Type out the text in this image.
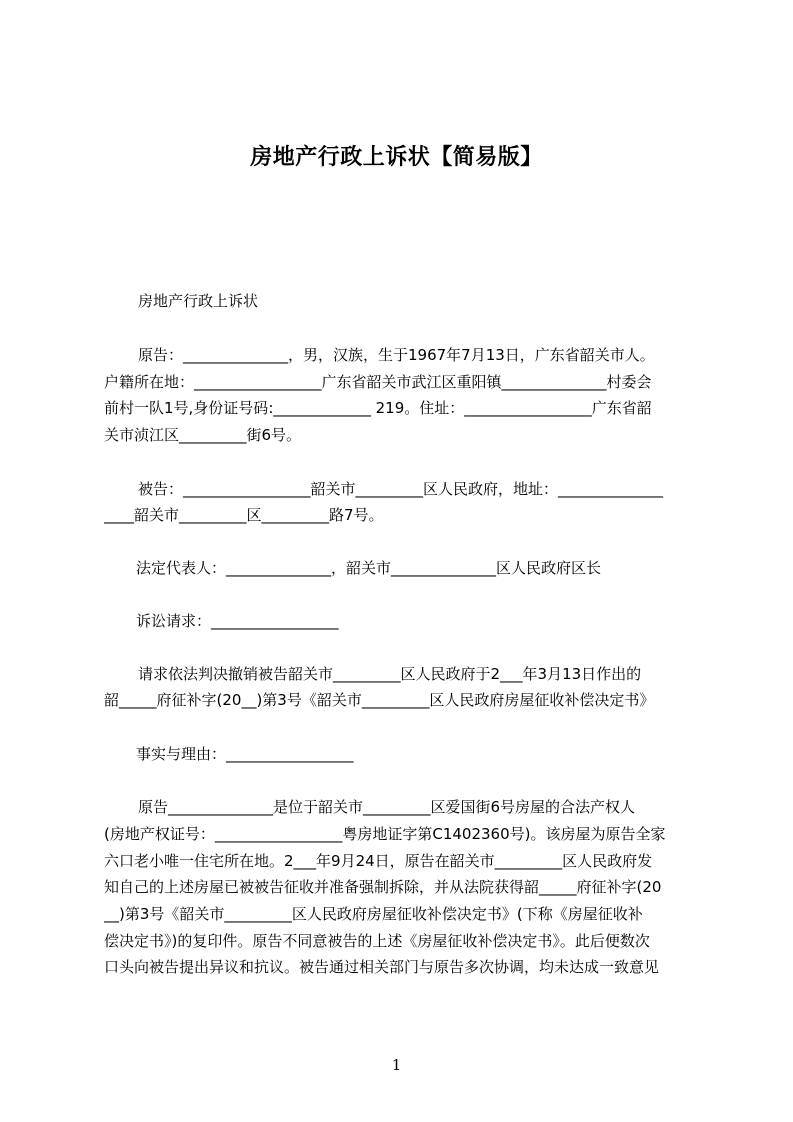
房地产行政上诉状【简易版】
房地产行政上诉状
原告：______________，男，汉族，生于1967年7月13日，广东省韶关市人。
户籍所在地：_________________广东省韶关市武江区重阳镇______________村委会
前村一队1号,身份证号码:_____________ 219。住址：_________________广东省韶
关市浈江区_________街6号。
被告：_________________韶关市_________区人民政府，地址：______________
____韶关市_________区_________路7号。
法定代表人：______________，韶关市______________区人民政府区长
诉讼请求：_________________
请求依法判决撤销被告韶关市_________区人民政府于2___年3月13日作出的
韶_____府征补字(20__)第3号《韶关市_________区人民政府房屋征收补偿决定书》
事实与理由：_________________
原告______________是位于韶关市_________区爱国街6号房屋的合法产权人
(房地产权证号：_________________粤房地证字第C1402360号)。该房屋为原告全家
六口老小唯一住宅所在地。2___年9月24日，原告在韶关市_________区人民政府发
知自己的上述房屋已被被告征收并准备强制拆除，并从法院获得韶_____府征补字(20
__)第3号《韶关市_________区人民政府房屋征收补偿决定书》(下称《房屋征收补
偿决定书》)的复印件。原告不同意被告的上述《房屋征收补偿决定书》。此后便数次
口头向被告提出异议和抗议。被告通过相关部门与原告多次协调，均未达成一致意见
1
